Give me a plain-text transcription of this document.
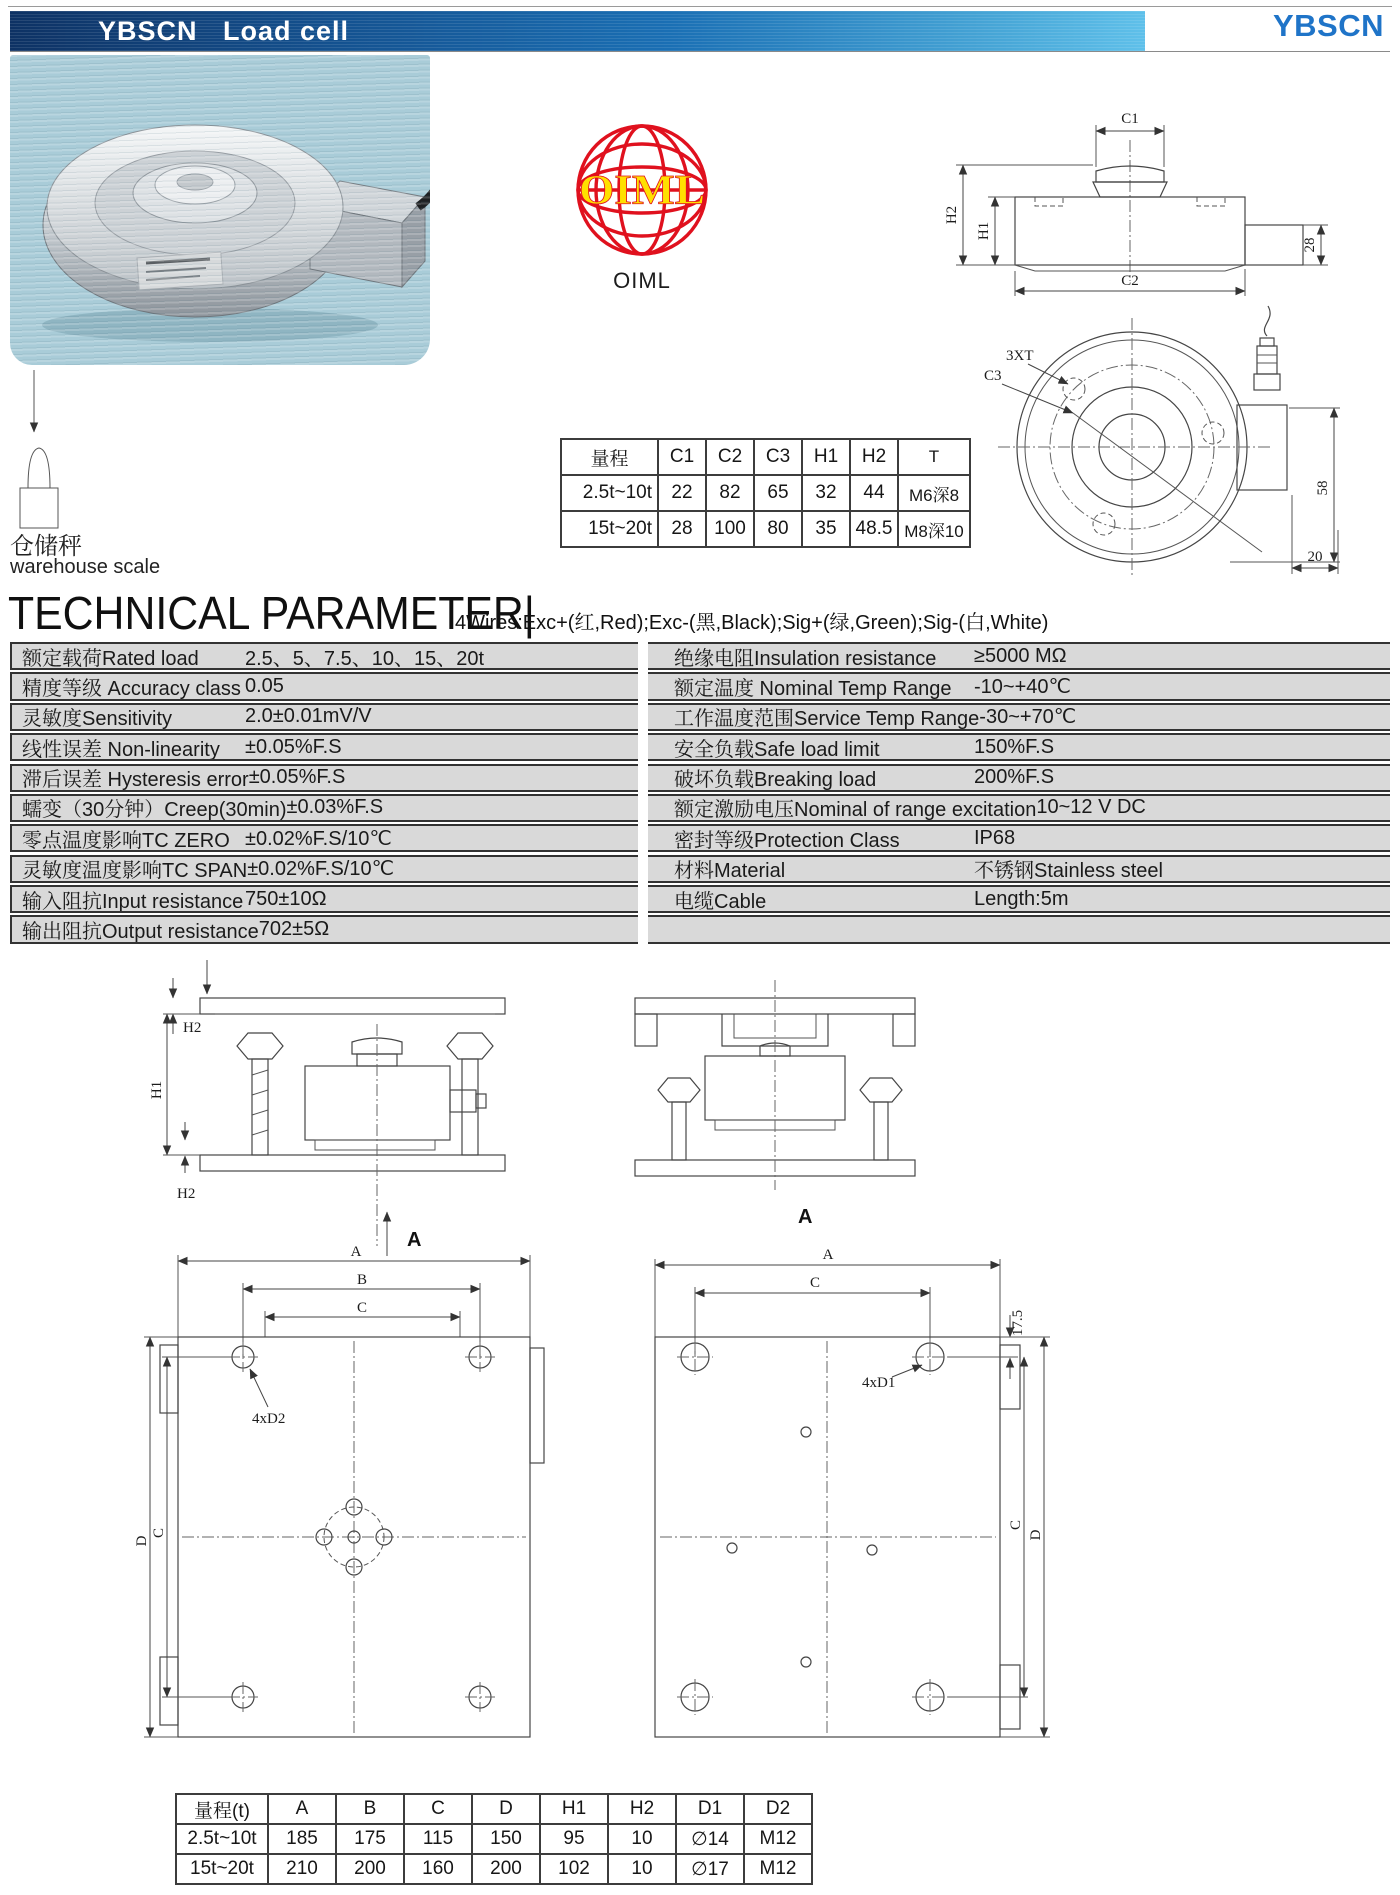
YBSCN   Load cell	YBSCN
OIML
OIML
仓储秤
warehouse scale
TECHNICAL PARAMETER|
4Wires:Exc+(红,Red);Exc-(黑,Black);Sig+(绿,Green);Sig-(白,White)
量程	C1	C2	C3	H1	H2	T
2.5t~10t	22	82	65	32	44	M6深8
15t~20t	28	100	80	35	48.5	M8深10
额定载荷Rated load	2.5、5、7.5、10、15、20t	绝缘电阻Insulation resistance	≥5000 MΩ
精度等级 Accuracy class 0.05	额定温度 Nominal Temp Range	-10~+40℃
灵敏度Sensitivity	2.0±0.01mV/V	工作温度范围Service Temp Range -30~+70℃
线性误差 Non-linearity	±0.05%F.S	安全负载Safe load limit	150%F.S
滞后误差 Hysteresis error ±0.05%F.S	破坏负载Breaking load	200%F.S
蠕变（30分钟）Creep(30min) ±0.03%F.S	额定激励电压Nominal of range excitation 10~12 V DC
零点温度影响TC ZERO ±0.02%F.S/10℃	密封等级Protection Class	IP68
灵敏度温度影响TC SPAN ±0.02%F.S/10℃	材料Material	不锈钢Stainless steel
输入阻抗Input resistance 750±10Ω	电缆Cable	Length:5m
输出阻抗Output resistance 702±5Ω
C1
H2
H1
28
C2
3XT
C3
58
20
H2
H1
H2
A
A
B
C
4xD2
D
C
A
A
C
4xD1
17.5
C
D
量程(t)	A	B	C	D	H1	H2	D1	D2
2.5t~10t	185	175	115	150	95	10	∅14	M12
15t~20t	210	200	160	200	102	10	∅17	M12
